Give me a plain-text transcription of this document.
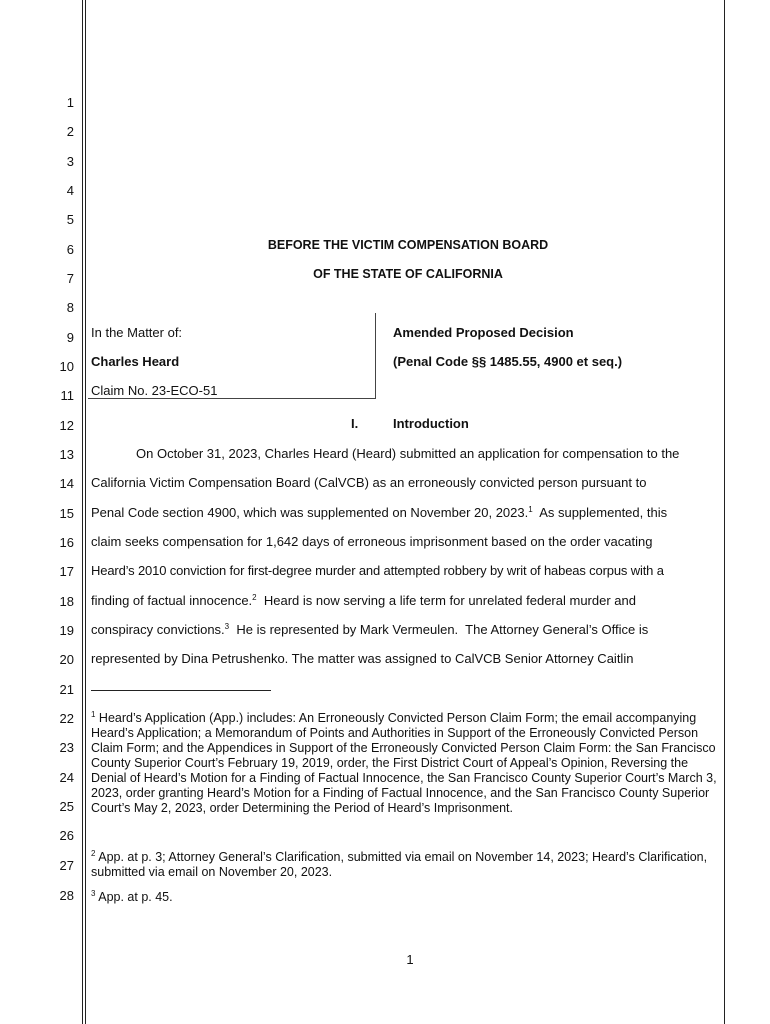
1
2
3
4
5
6
7
8
9
10
11
12
13
14
15
16
17
18
19
20
21
22
23
24
25
26
27
28
BEFORE THE VICTIM COMPENSATION BOARD
OF THE STATE OF CALIFORNIA
In the Matter of:
Charles Heard
Claim No. 23-ECO-51
Amended Proposed Decision
(Penal Code §§ 1485.55, 4900 et seq.)
I.	Introduction
On October 31, 2023, Charles Heard (Heard) submitted an application for compensation to the
California Victim Compensation Board (CalVCB) as an erroneously convicted person pursuant to
Penal Code section 4900, which was supplemented on November 20, 2023.$^1$  As supplemented, this
claim seeks compensation for 1,642 days of erroneous imprisonment based on the order vacating
Heard’s 2010 conviction for first-degree murder and attempted robbery by writ of habeas corpus with a
finding of factual innocence.$^2$  Heard is now serving a life term for unrelated federal murder and
conspiracy convictions.$^3$  He is represented by Mark Vermeulen.  The Attorney General’s Office is
represented by Dina Petrushenko. The matter was assigned to CalVCB Senior Attorney Caitlin
$^1$ Heard’s Application (App.) includes: An Erroneously Convicted Person Claim Form; the email accompanying Heard’s Application; a Memorandum of Points and Authorities in Support of the Erroneously Convicted Person Claim Form; and the Appendices in Support of the Erroneously Convicted Person Claim Form: the San Francisco County Superior Court’s February 19, 2019, order, the First District Court of Appeal’s Opinion, Reversing the Denial of Heard’s Motion for a Finding of Factual Innocence, the San Francisco County Superior Court’s March 3, 2023, order granting Heard’s Motion for a Finding of Factual Innocence, and the San Francisco County Superior Court’s May 2, 2023, order Determining the Period of Heard’s Imprisonment.
$^2$ App. at p. 3; Attorney General’s Clarification, submitted via email on November 14, 2023; Heard’s Clarification, submitted via email on November 20, 2023.
$^3$ App. at p. 45.
1
